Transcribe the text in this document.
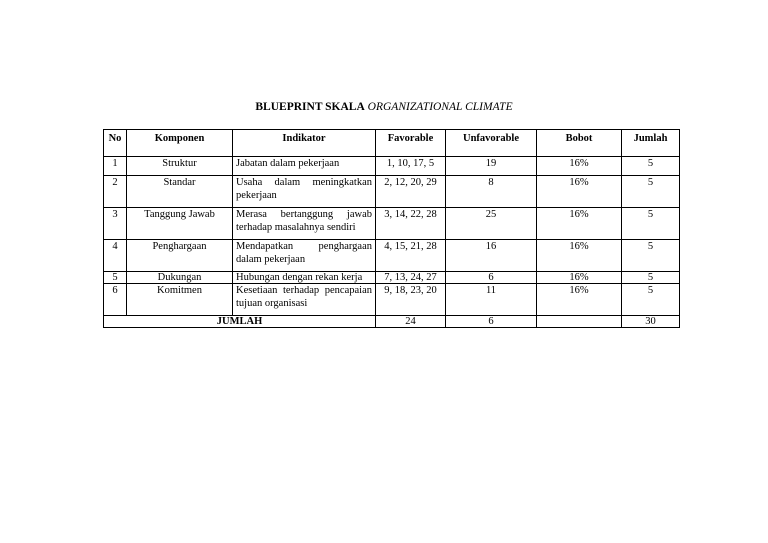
BLUEPRINT SKALA ORGANIZATIONAL CLIMATE
No	Komponen	Indikator	Favorable	Unfavorable	Bobot	Jumlah
1	Struktur	Jabatan dalam pekerjaan	1, 10, 17, 5	19	16%	5
2	Standar	Usaha dalam meningkatkan pekerjaan	2, 12, 20, 29	8	16%	5
3	Tanggung Jawab	Merasa bertanggung jawab terhadap masalahnya sendiri	3, 14, 22, 28	25	16%	5
4	Penghargaan	Mendapatkan penghargaan dalam pekerjaan	4, 15, 21, 28	16	16%	5
5	Dukungan	Hubungan dengan rekan kerja	7, 13, 24, 27	6	16%	5
6	Komitmen	Kesetiaan terhadap pencapaian tujuan organisasi	9, 18, 23, 20	11	16%	5
JUMLAH			24	6		30
